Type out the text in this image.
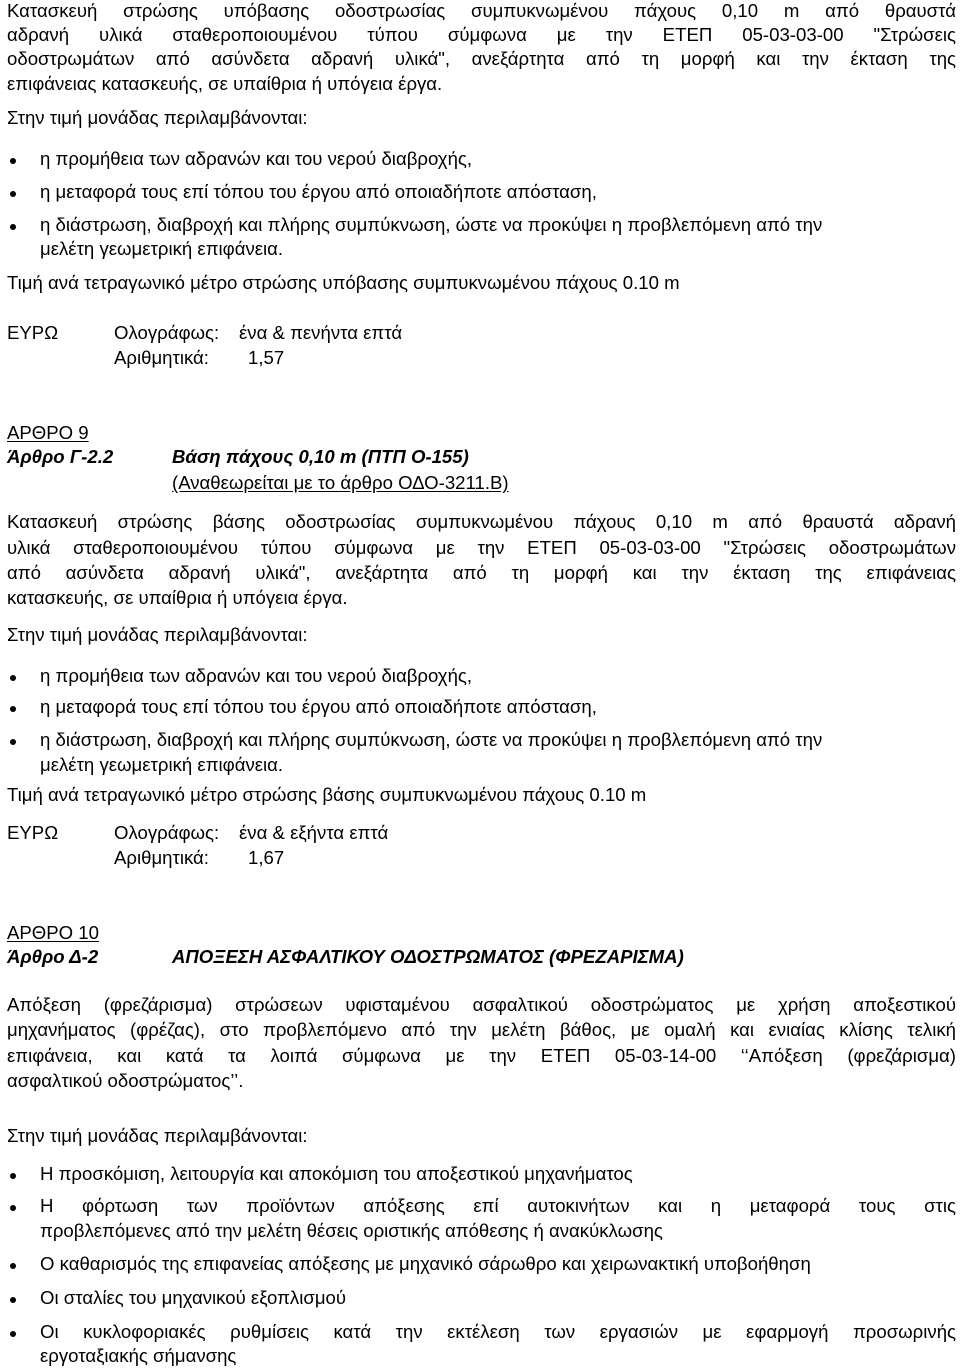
Κατασκευή στρώσης υπόβασης οδοστρωσίας συμπυκνωμένου πάχους 0,10 m από θραυστά
αδρανή υλικά σταθεροποιουμένου τύπου σύμφωνα με την ΕΤΕΠ 05-03-03-00 "Στρώσεις
οδοστρωμάτων από ασύνδετα αδρανή υλικά", ανεξάρτητα από τη μορφή και την έκταση της
επιφάνειας κατασκευής, σε υπαίθρια ή υπόγεια έργα.
Στην τιμή μονάδας περιλαμβάνονται:
η προμήθεια των αδρανών και του νερού διαβροχής,
η μεταφορά τους επί τόπου του έργου από οποιαδήποτε απόσταση,
η διάστρωση, διαβροχή και πλήρης συμπύκνωση, ώστε να προκύψει η προβλεπόμενη από την
μελέτη γεωμετρική επιφάνεια.
Τιμή ανά τετραγωνικό μέτρο στρώσης υπόβασης συμπυκνωμένου πάχους 0.10 m
ΕΥΡΩ	Ολογράφως: ένα & πενήντα επτά
Αριθμητικά: 1,57
ΑΡΘΡΟ 9
Άρθρο Γ-2.2	Βάση πάχους 0,10 m (ΠΤΠ Ο-155)
(Αναθεωρείται με το άρθρο ΟΔΟ-3211.Β)
Κατασκευή στρώσης βάσης οδοστρωσίας συμπυκνωμένου πάχους 0,10 m από θραυστά αδρανή
υλικά σταθεροποιουμένου τύπου σύμφωνα με την ΕΤΕΠ 05-03-03-00 "Στρώσεις οδοστρωμάτων
από ασύνδετα αδρανή υλικά", ανεξάρτητα από τη μορφή και την έκταση της επιφάνειας
κατασκευής, σε υπαίθρια ή υπόγεια έργα.
Στην τιμή μονάδας περιλαμβάνονται:
η προμήθεια των αδρανών και του νερού διαβροχής,
η μεταφορά τους επί τόπου του έργου από οποιαδήποτε απόσταση,
η διάστρωση, διαβροχή και πλήρης συμπύκνωση, ώστε να προκύψει η προβλεπόμενη από την
μελέτη γεωμετρική επιφάνεια.
Τιμή ανά τετραγωνικό μέτρο στρώσης βάσης συμπυκνωμένου πάχους 0.10 m
ΕΥΡΩ	Ολογράφως: ένα & εξήντα επτά
Αριθμητικά: 1,67
ΑΡΘΡΟ 10
Άρθρο Δ-2	ΑΠΟΞΕΣΗ ΑΣΦΑΛΤΙΚΟΥ ΟΔΟΣΤΡΩΜΑΤΟΣ (ΦΡΕΖΑΡΙΣΜΑ)
Απόξεση (φρεζάρισμα) στρώσεων υφισταμένου ασφαλτικού οδοστρώματος με χρήση αποξεστικού
μηχανήματος (φρέζας), στο προβλεπόμενο από την μελέτη βάθος, με ομαλή και ενιαίας κλίσης τελική
επιφάνεια, και κατά τα λοιπά σύμφωνα με την ΕΤΕΠ 05-03-14-00 ‘‘Απόξεση (φρεζάρισμα)
ασφαλτικού οδοστρώματος’’.
Στην τιμή μονάδας περιλαμβάνονται:
Η προσκόμιση, λειτουργία και αποκόμιση του αποξεστικού μηχανήματος
Η φόρτωση των προϊόντων απόξεσης επί αυτοκινήτων και η μεταφορά τους στις
προβλεπόμενες από την μελέτη θέσεις οριστικής απόθεσης ή ανακύκλωσης
Ο καθαρισμός της επιφανείας απόξεσης με μηχανικό σάρωθρο και χειρωνακτική υποβοήθηση
Οι σταλίες του μηχανικού εξοπλισμού
Οι κυκλοφοριακές ρυθμίσεις κατά την εκτέλεση των εργασιών με εφαρμογή προσωρινής
εργοταξιακής σήμανσης
